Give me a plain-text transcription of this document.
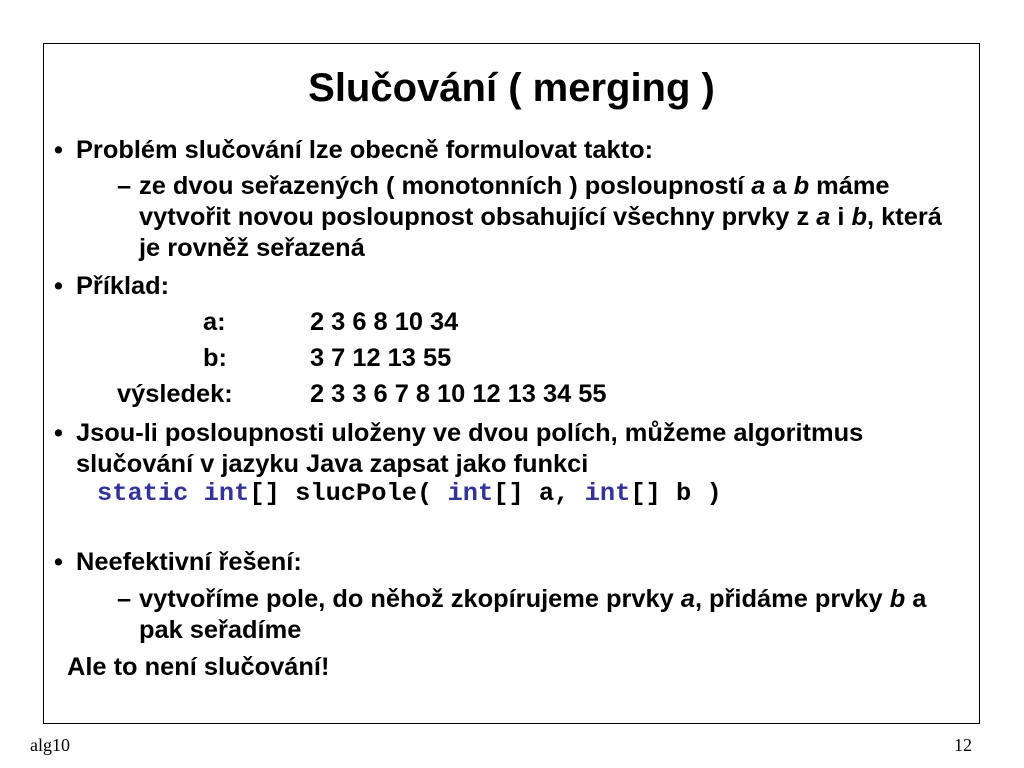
Slučování ( merging )
• Problém slučování lze obecně formulovat takto:
– ze dvou seřazených ( monotonních ) posloupností a a b máme
vytvořit novou posloupnost obsahující všechny prvky z a i b, která
je rovněž seřazená
• Příklad:
a:	2 3 6 8 10 34
b:	3 7 12 13 55
výsledek:	2 3 3 6 7 8 10 12 13 34 55
• Jsou-li posloupnosti uloženy ve dvou polích, můžeme algoritmus
slučování v jazyku Java zapsat jako funkci
static int[] slucPole( int[] a, int[] b )
• Neefektivní řešení:
– vytvoříme pole, do něhož zkopírujeme prvky a, přidáme prvky b a
pak seřadíme
Ale to není slučování!
alg10	12
